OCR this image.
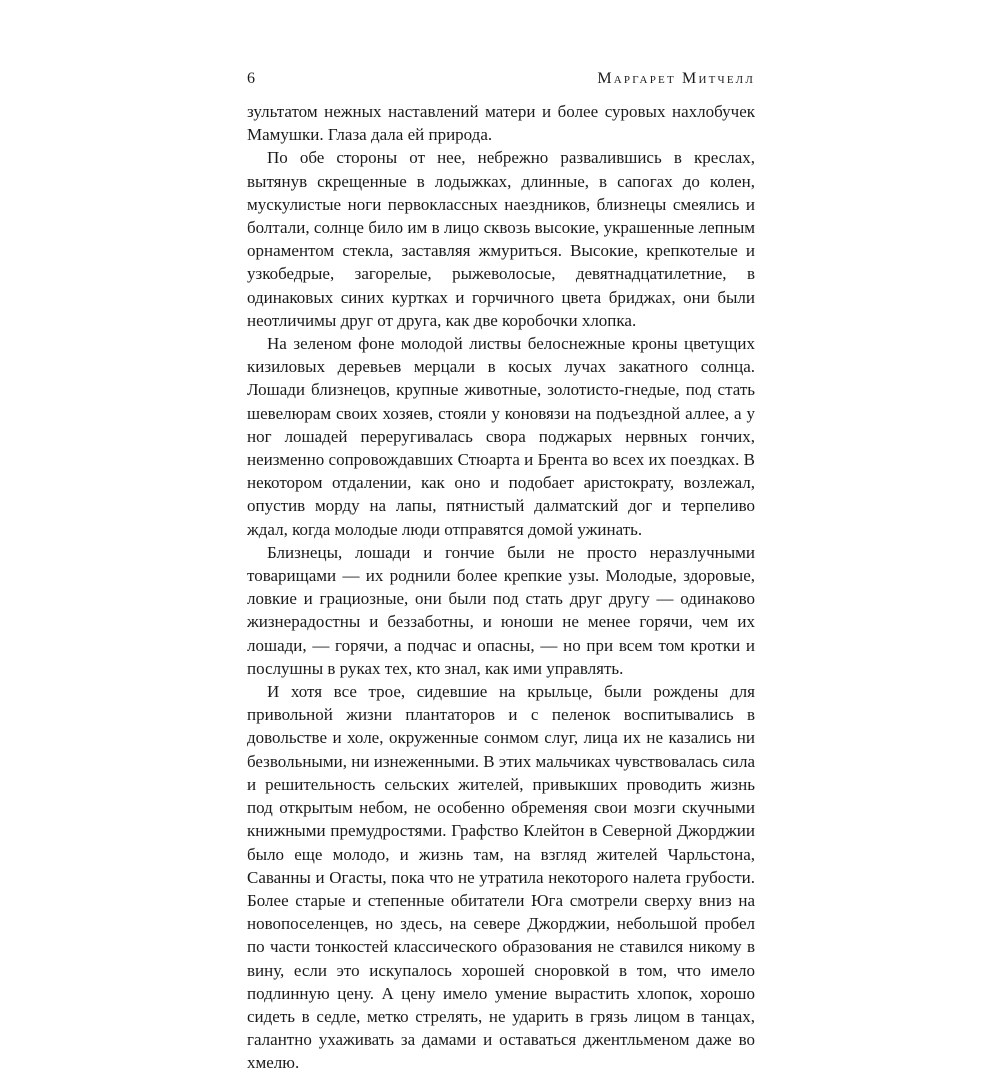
6	Маргарет Митчелл

зультатом нежных наставлений матери и более суровых нахлобучек Мамушки. Глаза дала ей природа.

По обе стороны от нее, небрежно развалившись в креслах, вытянув скрещенные в лодыжках, длинные, в сапогах до колен, мускулистые ноги первоклассных наездников, близнецы смеялись и болтали, солнце било им в лицо сквозь высокие, украшенные лепным орнаментом стекла, заставляя жмуриться. Высокие, крепкотелые и узкобедрые, загорелые, рыжеволосые, девятнадцатилетние, в одинаковых синих куртках и горчичного цвета бриджах, они были неотличимы друг от друга, как две коробочки хлопка.

На зеленом фоне молодой листвы белоснежные кроны цветущих кизиловых деревьев мерцали в косых лучах закатного солнца. Лошади близнецов, крупные животные, золотисто-гнедые, под стать шевелюрам своих хозяев, стояли у коновязи на подъездной аллее, а у ног лошадей переругивалась свора поджарых нервных гончих, неизменно сопровождавших Стюарта и Брента во всех их поездках. В некотором отдалении, как оно и подобает аристократу, возлежал, опустив морду на лапы, пятнистый далматский дог и терпеливо ждал, когда молодые люди отправятся домой ужинать.

Близнецы, лошади и гончие были не просто неразлучными товарищами — их роднили более крепкие узы. Молодые, здоровые, ловкие и грациозные, они были под стать друг другу — одинаково жизнерадостны и беззаботны, и юноши не менее горячи, чем их лошади, — горячи, а подчас и опасны, — но при всем том кротки и послушны в руках тех, кто знал, как ими управлять.

И хотя все трое, сидевшие на крыльце, были рождены для привольной жизни плантаторов и с пеленок воспитывались в довольстве и холе, окруженные сонмом слуг, лица их не казались ни безвольными, ни изнеженными. В этих мальчиках чувствовалась сила и решительность сельских жителей, привыкших проводить жизнь под открытым небом, не особенно обременяя свои мозги скучными книжными премудростями. Графство Клейтон в Северной Джорджии было еще молодо, и жизнь там, на взгляд жителей Чарльстона, Саванны и Огасты, пока что не утратила некоторого налета грубости. Более старые и степенные обитатели Юга смотрели сверху вниз на новопоселенцев, но здесь, на севере Джорджии, небольшой пробел по части тонкостей классического образования не ставился никому в вину, если это искупалось хорошей сноровкой в том, что имело подлинную цену. А цену имело умение вырастить хлопок, хорошо сидеть в седле, метко стрелять, не ударить в грязь лицом в танцах, галантно ухаживать за дамами и оставаться джентльменом даже во хмелю.
